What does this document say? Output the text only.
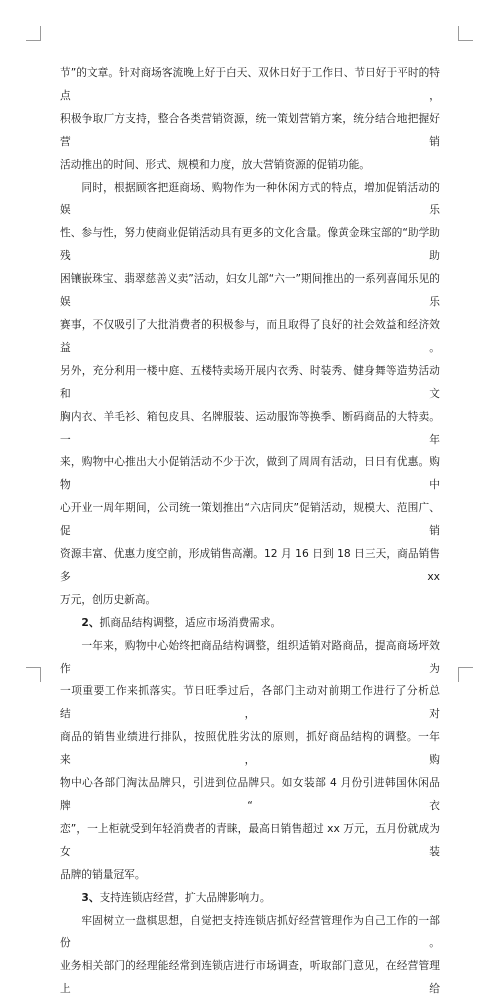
节”的文章。针对商场客流晚上好于白天、双休日好于工作日、节日好于平时的特点，

积极争取厂方支持，整合各类营销资源，统一策划营销方案，统分结合地把握好营销

活动推出的时间、形式、规模和力度，放大营销资源的促销功能。

同时，根据顾客把逛商场、购物作为一种休闲方式的特点，增加促销活动的娱乐

性、参与性，努力使商业促销活动具有更多的文化含量。像黄金珠宝部的“助学助残助

困镶嵌珠宝、翡翠慈善义卖”活动，妇女儿部“六一”期间推出的一系列喜闻乐见的娱乐

赛事，不仅吸引了大批消费者的积极参与，而且取得了良好的社会效益和经济效益。

另外，充分利用一楼中庭、五楼特卖场开展内衣秀、时装秀、健身舞等造势活动和文

胸内衣、羊毛衫、箱包皮具、名牌服装、运动服饰等换季、断码商品的大特卖。一年

来，购物中心推出大小促销活动不少于次，做到了周周有活动，日日有优惠。购物中

心开业一周年期间，公司统一策划推出“六店同庆”促销活动，规模大、范围广、促销

资源丰富、优惠力度空前，形成销售高潮。12 月 16 日到 18 日三天，商品销售多 xx

万元，创历史新高。

2、抓商品结构调整，适应市场消费需求。

一年来，购物中心始终把商品结构调整，组织适销对路商品，提高商场坪效作为

一项重要工作来抓落实。节日旺季过后，各部门主动对前期工作进行了分析总结，对

商品的销售业绩进行排队，按照优胜劣汰的原则，抓好商品结构的调整。一年来，购

物中心各部门淘汰品牌只，引进到位品牌只。如女装部 4 月份引进韩国休闲品牌“衣

恋”，一上柜就受到年轻消费者的青睐，最高日销售超过 xx 万元，五月份就成为女装

品牌的销量冠军。

3、支持连锁店经营，扩大品牌影响力。

牢固树立一盘棋思想，自觉把支持连锁店抓好经营管理作为自己工作的一部份。

业务相关部门的经理能经常到连锁店进行市场调查，听取部门意见，在经营管理上给
